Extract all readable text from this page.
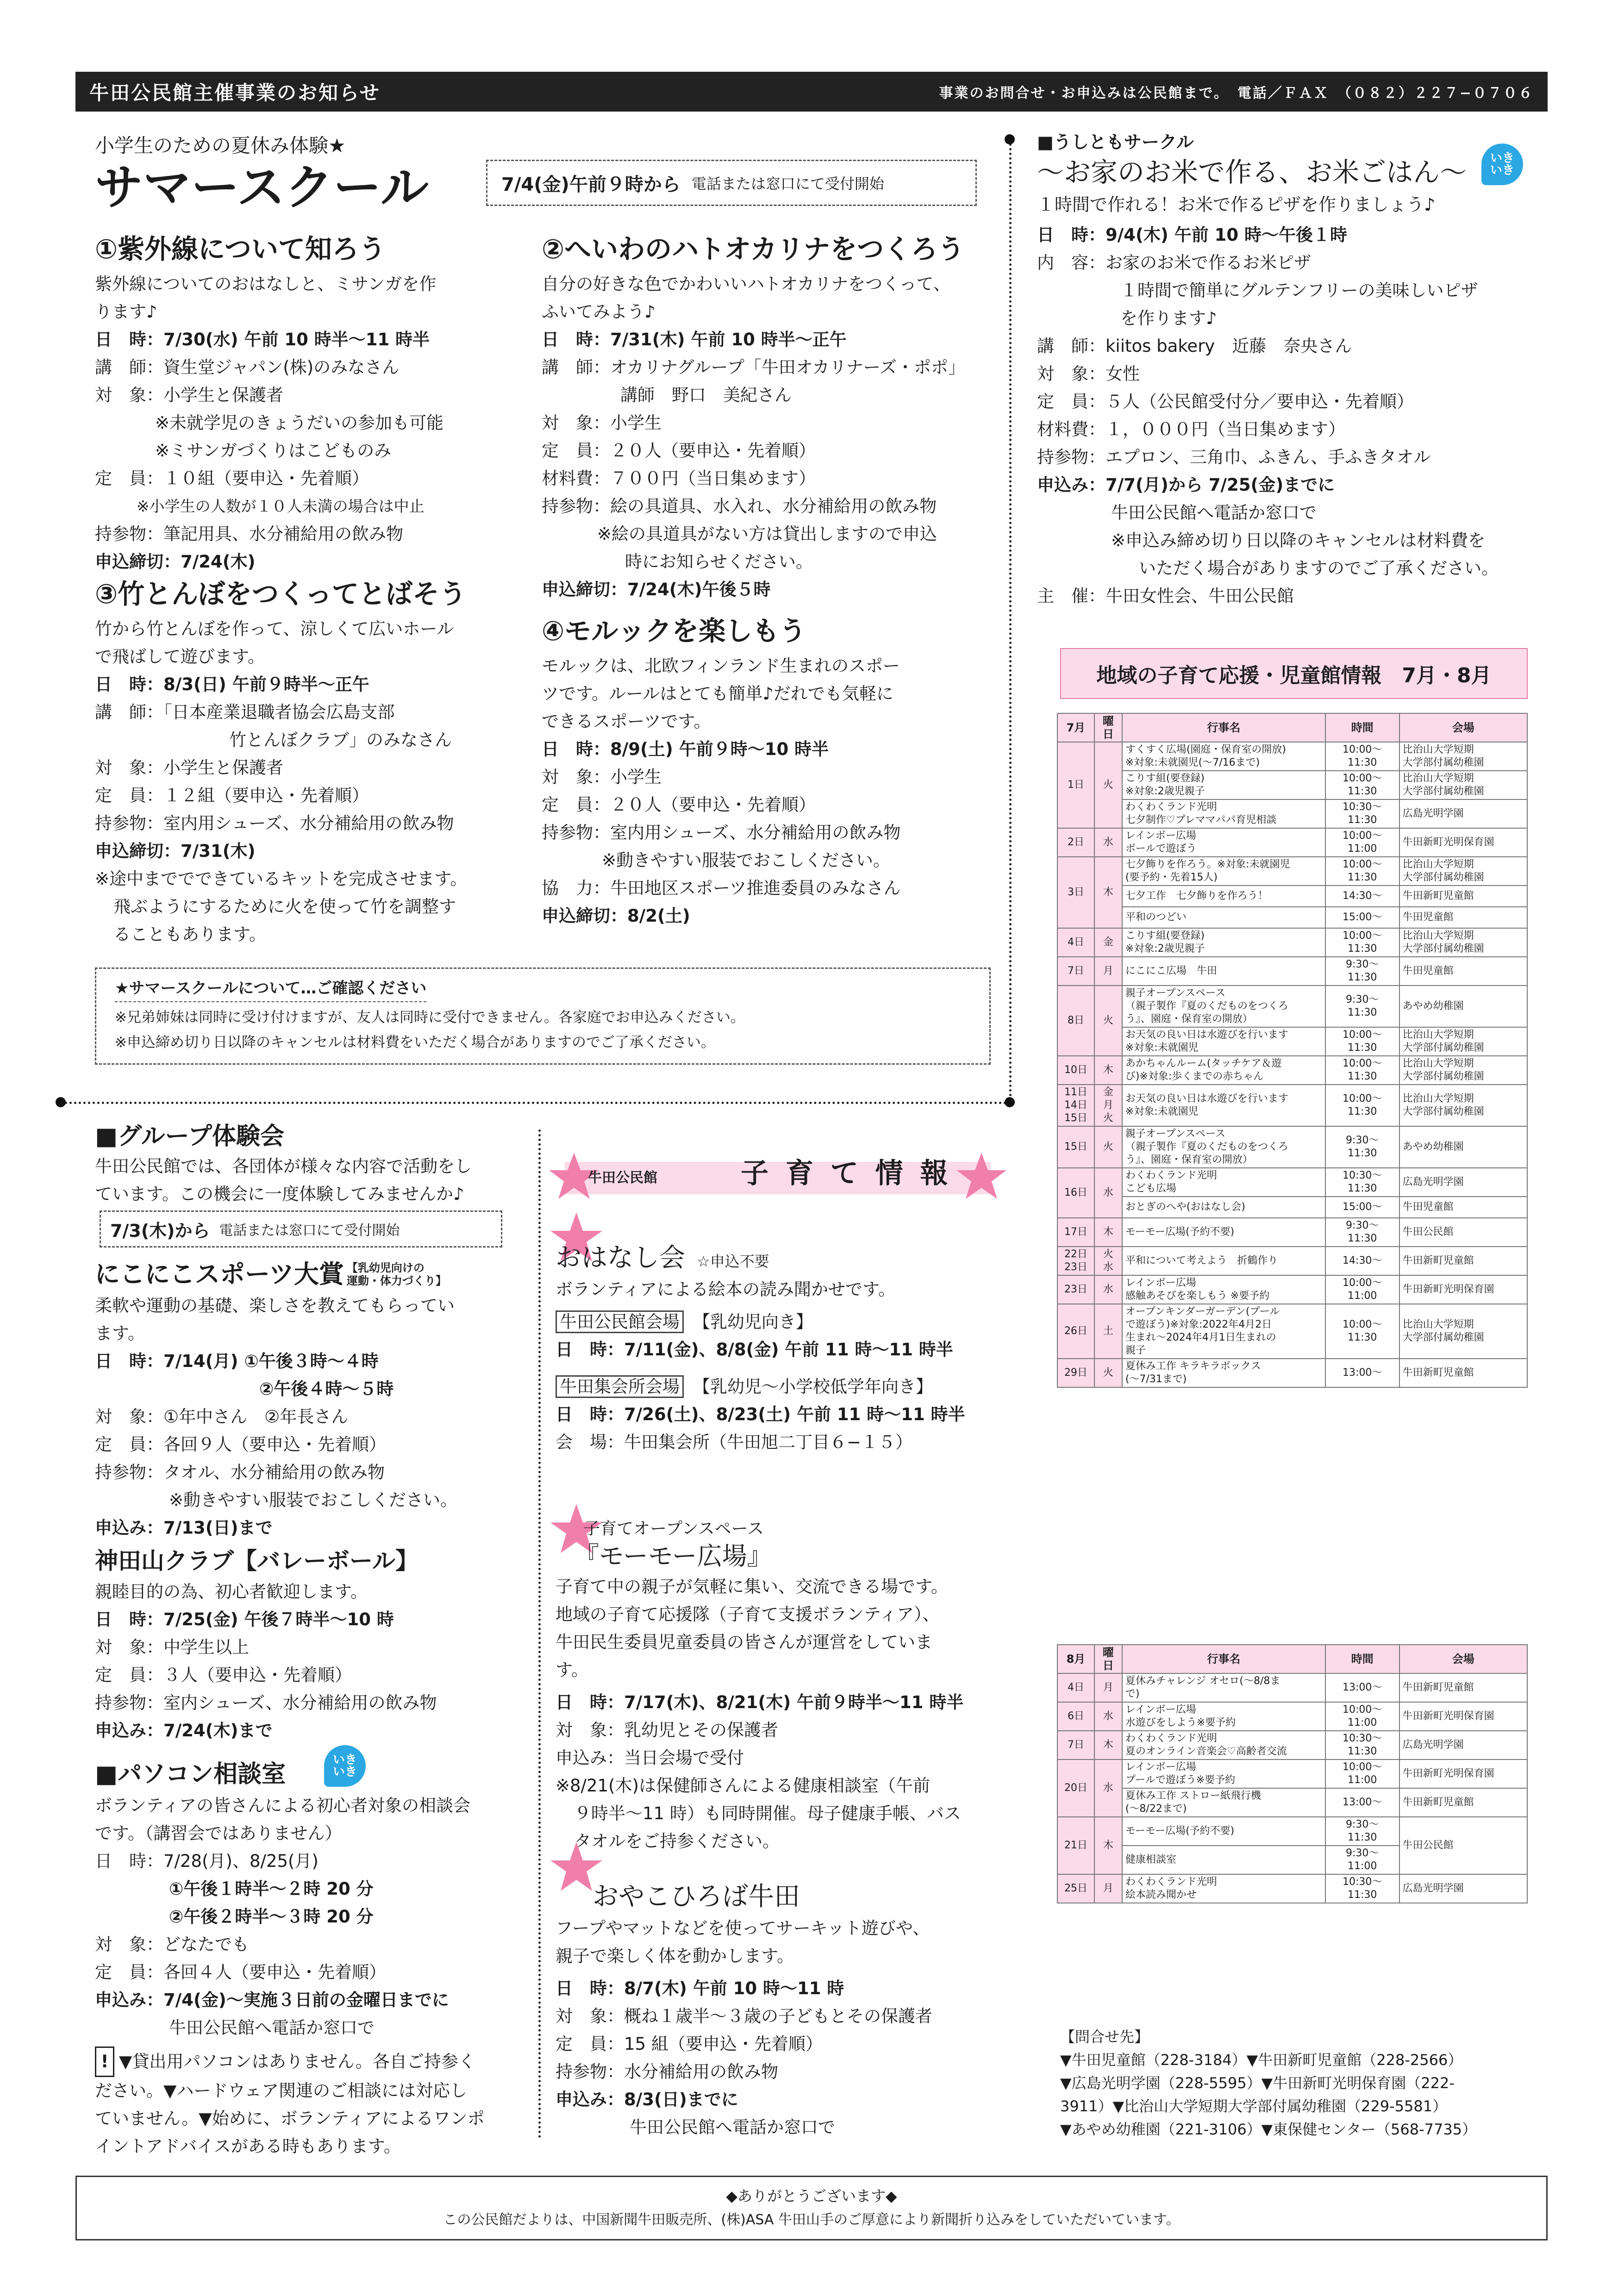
牛田公民館主催事業のお知らせ	事業のお問合せ・お申込みは公民館まで。　電話／ＦＡＸ　（０８２）２２７−０７０６
小学生のための夏休み体験★
サマースクール	7/4(金)午前９時から 電話または窓口にて受付開始
①紫外線について知ろう
紫外線についてのおはなしと、ミサンガを作
ります♪
日　時：7/30(水) 午前 10 時半〜11 時半
講　師：資生堂ジャパン(株)のみなさん
対　象：小学生と保護者
※未就学児のきょうだいの参加も可能
※ミサンガづくりはこどものみ
定　員：１０組（要申込・先着順）
※小学生の人数が１０人未満の場合は中止
持参物：筆記用具、水分補給用の飲み物
申込締切：7/24(木)
②へいわのハトオカリナをつくろう
自分の好きな色でかわいいハトオカリナをつくって、
ふいてみよう♪
日　時：7/31(木) 午前 10 時半〜正午
講　師：オカリナグループ「牛田オカリナーズ・ポポ」
講師　野口　美紀さん
対　象：小学生
定　員：２０人（要申込・先着順）
材料費：７００円（当日集めます）
持参物：絵の具道具、水入れ、水分補給用の飲み物
※絵の具道具がない方は貸出しますので申込
時にお知らせください。
申込締切：7/24(木)午後５時
③竹とんぼをつくってとばそう
竹から竹とんぼを作って、涼しくて広いホール
で飛ばして遊びます。
日　時：8/3(日) 午前９時半〜正午
講　師：「日本産業退職者協会広島支部
竹とんぼクラブ」のみなさん
対　象：小学生と保護者
定　員：１２組（要申込・先着順）
持参物：室内用シューズ、水分補給用の飲み物
申込締切：7/31(木)
※途中まででできているキットを完成させます。
飛ぶようにするために火を使って竹を調整す
ることもあります。
④モルックを楽しもう
モルックは、北欧フィンランド生まれのスポー
ツです。ルールはとても簡単♪だれでも気軽に
できるスポーツです。
日　時：8/9(土) 午前９時〜10 時半
対　象：小学生
定　員：２０人（要申込・先着順）
持参物：室内用シューズ、水分補給用の飲み物
※動きやすい服装でおこしください。
協　力：牛田地区スポーツ推進委員のみなさん
申込締切：8/2(土)
★サマースクールについて…ご確認ください
※兄弟姉妹は同時に受け付けますが、友人は同時に受付できません。各家庭でお申込みください。
※申込締め切り日以降のキャンセルは材料費をいただく場合がありますのでご了承ください。
■うしともサークル
〜お家のお米で作る、お米ごはん〜
１時間で作れる！お米で作るピザを作りましょう♪
日　時：9/4(木) 午前 10 時〜午後１時
内　容：お家のお米で作るお米ピザ
１時間で簡単にグルテンフリーの美味しいピザ
を作ります♪
講　師：kiitos bakery　近藤　奈央さん
対　象：女性
定　員：５人（公民館受付分／要申込・先着順）
材料費：１，０００円（当日集めます）
持参物：エプロン、三角巾、ふきん、手ふきタオル
申込み：7/7(月)から 7/25(金)までに
牛田公民館へ電話か窓口で
※申込み締め切り日以降のキャンセルは材料費を
いただく場合がありますのでご了承ください。
主　催：牛田女性会、牛田公民館
いき
いき
地域の子育て応援・児童館情報　7月・8月
7月	曜日	行事名	時間	会場
1日	火	すくすく広場(園庭・保育室の開放)
※対象:未就園児(〜7/16まで)	10:00〜
11:30	比治山大学短期
大学部付属幼稚園
		こりす組(要登録)
※対象:2歳児親子	10:00〜
11:30	比治山大学短期
大学部付属幼稚園
		わくわくランド光明
七夕制作♡プレママパパ育児相談	10:30〜
11:30	広島光明学園
2日	水	レインボー広場
ボールで遊ぼう	10:00〜
11:00	牛田新町光明保育園
3日	木	七夕飾りを作ろう。※対象:未就園児
(要予約・先着15人)	10:00〜
11:30	比治山大学短期
大学部付属幼稚園
		七夕工作　七夕飾りを作ろう！	14:30〜	牛田新町児童館
		平和のつどい	15:00〜	牛田児童館
4日	金	こりす組(要登録)
※対象:2歳児親子	10:00〜
11:30	比治山大学短期
大学部付属幼稚園
7日	月	にこにこ広場　牛田	9:30〜
11:30	牛田児童館
8日	火	親子オープンスペース
（親子製作『夏のくだものをつくろ
う』、園庭・保育室の開放）	9:30〜
11:30	あやめ幼稚園
		お天気の良い日は水遊びを行います
※対象:未就園児	10:00〜
11:30	比治山大学短期
大学部付属幼稚園
10日	木	あかちゃんルーム(タッチケア＆遊
び)※対象:歩くまでの赤ちゃん	10:00〜
11:30	比治山大学短期
大学部付属幼稚園
11日
14日
15日	金
月
火	お天気の良い日は水遊びを行います
※対象:未就園児	10:00〜
11:30	比治山大学短期
大学部付属幼稚園
15日	火	親子オープンスペース
（親子製作『夏のくだものをつくろ
う』、園庭・保育室の開放）	9:30〜
11:30	あやめ幼稚園
16日	水	わくわくランド光明
こども広場	10:30〜
11:30	広島光明学園
		おとぎのへや(おはなし会)	15:00〜	牛田児童館
17日	木	モーモー広場(予約不要)	9:30〜
11:30	牛田公民館
22日
23日	火
水	平和について考えよう　折鶴作り	14:30〜	牛田新町児童館
23日	水	レインボー広場
感触あそびを楽しもう ※要予約	10:00〜
11:00	牛田新町光明保育園
26日	土	オープンキンダーガーデン(プール
で遊ぼう)※対象:2022年4月2日
生まれ〜2024年4月1日生まれの
親子	10:00〜
11:30	比治山大学短期
大学部付属幼稚園
29日	火	夏休み工作 キラキラボックス
(〜7/31まで)	13:00〜	牛田新町児童館
8月	曜日	行事名	時間	会場
4日	月	夏休みチャレンジ オセロ(〜8/8ま
で)	13:00〜	牛田新町児童館
6日	水	レインボー広場
水遊びをしよう※要予約	10:00〜
11:00	牛田新町光明保育園
7日	木	わくわくランド光明
夏のオンライン音楽会♡高齢者交流	10:30〜
11:30	広島光明学園
20日	水	レインボー広場
プールで遊ぼう※要予約	10:00〜
11:00	牛田新町光明保育園
		夏休み工作 ストロー紙飛行機
(〜8/22まで)	13:00〜	牛田新町児童館
21日	木	モーモー広場(予約不要)	9:30〜
11:30	牛田公民館
		健康相談室	9:30〜
11:00	
25日	月	わくわくランド光明
絵本読み聞かせ	10:30〜
11:30	広島光明学園
【問合せ先】
▼牛田児童館（228-3184）▼牛田新町児童館（228-2566）
▼広島光明学園（228-5595）▼牛田新町光明保育園（222-
3911）▼比治山大学短期大学部付属幼稚園（229-5581）
▼あやめ幼稚園（221-3106）▼東保健センター（568-7735）
■グループ体験会
牛田公民館では、各団体が様々な内容で活動をし
ています。この機会に一度体験してみませんか♪
7/3(木)から 電話または窓口にて受付開始
にこにこスポーツ大賞 【乳幼児向けの
運動・体力づくり】
柔軟や運動の基礎、楽しさを教えてもらってい
ます。
日　時：7/14(月) ①午後３時〜４時
②午後４時〜５時
対　象：①年中さん　②年長さん
定　員：各回９人（要申込・先着順）
持参物：タオル、水分補給用の飲み物
※動きやすい服装でおこしください。
申込み：7/13(日)まで
神田山クラブ【バレーボール】
親睦目的の為、初心者歓迎します。
日　時：7/25(金) 午後７時半〜10 時
対　象：中学生以上
定　員：３人（要申込・先着順）
持参物：室内シューズ、水分補給用の飲み物
申込み：7/24(木)まで
■パソコン相談室
ボランティアの皆さんによる初心者対象の相談会
です。（講習会ではありません）
日　時：7/28(月)、8/25(月)
①午後１時半〜２時 20 分
②午後２時半〜３時 20 分
対　象：どなたでも
定　員：各回４人（要申込・先着順）
申込み：7/4(金)〜実施３日前の金曜日までに
牛田公民館へ電話か窓口で
! ▼貸出用パソコンはありません。各自ご持参く
ださい。▼ハードウェア関連のご相談には対応し
ていません。▼始めに、ボランティアによるワンポ
イントアドバイスがある時もあります。
いき
いき
牛田公民館	子 育 て 情 報
おはなし会 ☆申込不要
ボランティアによる絵本の読み聞かせです。
牛田公民館会場 【乳幼児向き】
日　時：7/11(金)、8/8(金) 午前 11 時〜11 時半
牛田集会所会場 【乳幼児〜小学校低学年向き】
日　時：7/26(土)、8/23(土) 午前 11 時〜11 時半
会　場：牛田集会所（牛田旭二丁目６−１５）
子育てオープンスペース
『モーモー広場』
子育て中の親子が気軽に集い、交流できる場です。
地域の子育て応援隊（子育て支援ボランティア）、
牛田民生委員児童委員の皆さんが運営をしていま
す。
日　時：7/17(木)、8/21(木) 午前９時半〜11 時半
対　象：乳幼児とその保護者
申込み：当日会場で受付
※8/21(木)は保健師さんによる健康相談室（午前
９時半〜11 時）も同時開催。母子健康手帳、バス
タオルをご持参ください。
おやこひろば牛田
フープやマットなどを使ってサーキット遊びや、
親子で楽しく体を動かします。
日　時：8/7(木) 午前 10 時〜11 時
対　象：概ね１歳半〜３歳の子どもとその保護者
定　員：15 組（要申込・先着順）
持参物：水分補給用の飲み物
申込み：8/3(日)までに
牛田公民館へ電話か窓口で
◆ありがとうございます◆
この公民館だよりは、中国新聞牛田販売所、(株)ASA 牛田山手のご厚意により新聞折り込みをしていただいています。
